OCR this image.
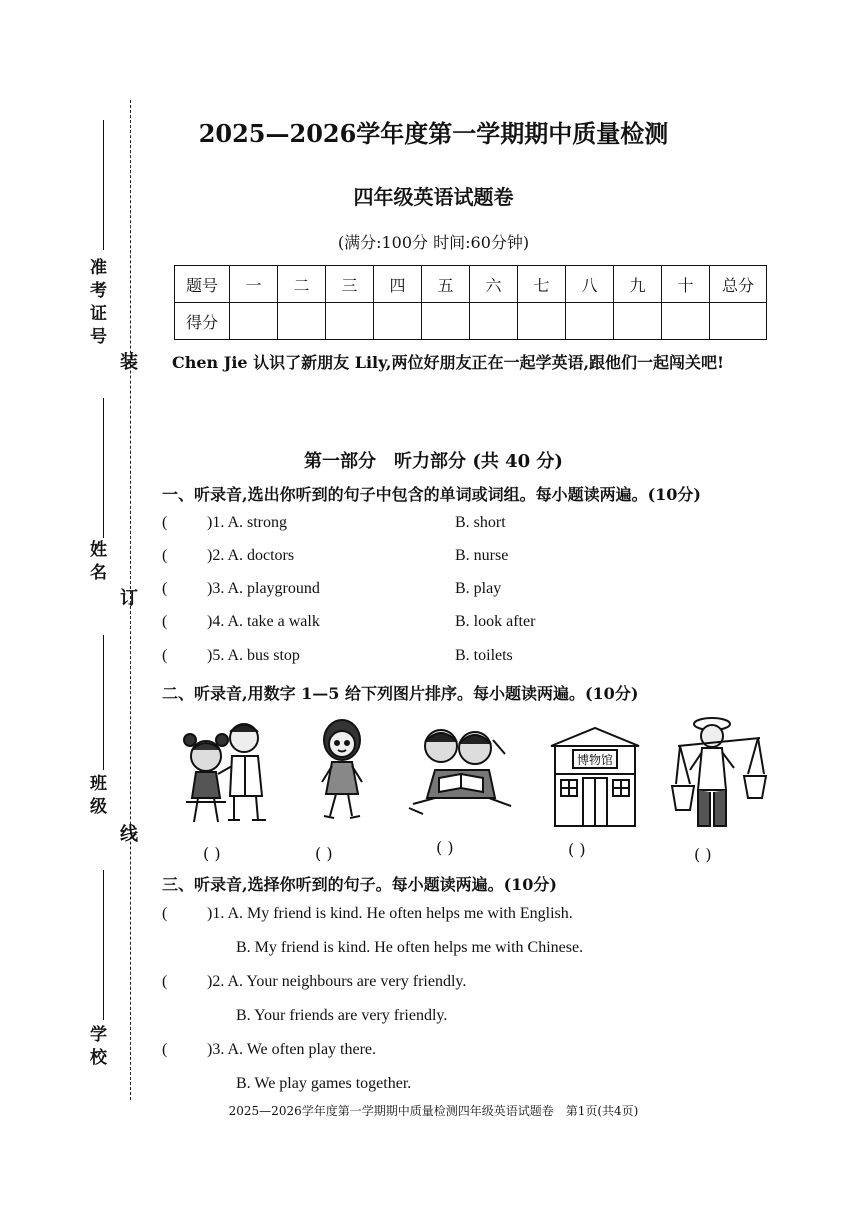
准考证号
姓名
班级
学校
装
订
线
2025—2026学年度第一学期期中质量检测
四年级英语试题卷
(满分:100分 时间:60分钟)
题号	一	二	三	四	五	六	七	八	九	十	总分
得分											
Chen Jie 认识了新朋友 Lily,两位好朋友正在一起学英语,跟他们一起闯关吧!
第一部分　听力部分 (共 40 分)
一、听录音,选出你听到的句子中包含的单词或词组。每小题读两遍。(10分)
( )1. A. strong	B. short
( )2. A. doctors	B. nurse
( )3. A. playground	B. play
( )4. A. take a walk	B. look after
( )5. A. bus stop	B. toilets
二、听录音,用数字 1—5 给下列图片排序。每小题读两遍。(10分)
博物馆
( )	( )	( )	( )	( )
三、听录音,选择你听到的句子。每小题读两遍。(10分)
( )1. A. My friend is kind. He often helps me with English.
B. My friend is kind. He often helps me with Chinese.
( )2. A. Your neighbours are very friendly.
B. Your friends are very friendly.
( )3. A. We often play there.
B. We play games together.
2025—2026学年度第一学期期中质量检测四年级英语试题卷　第1页(共4页)
